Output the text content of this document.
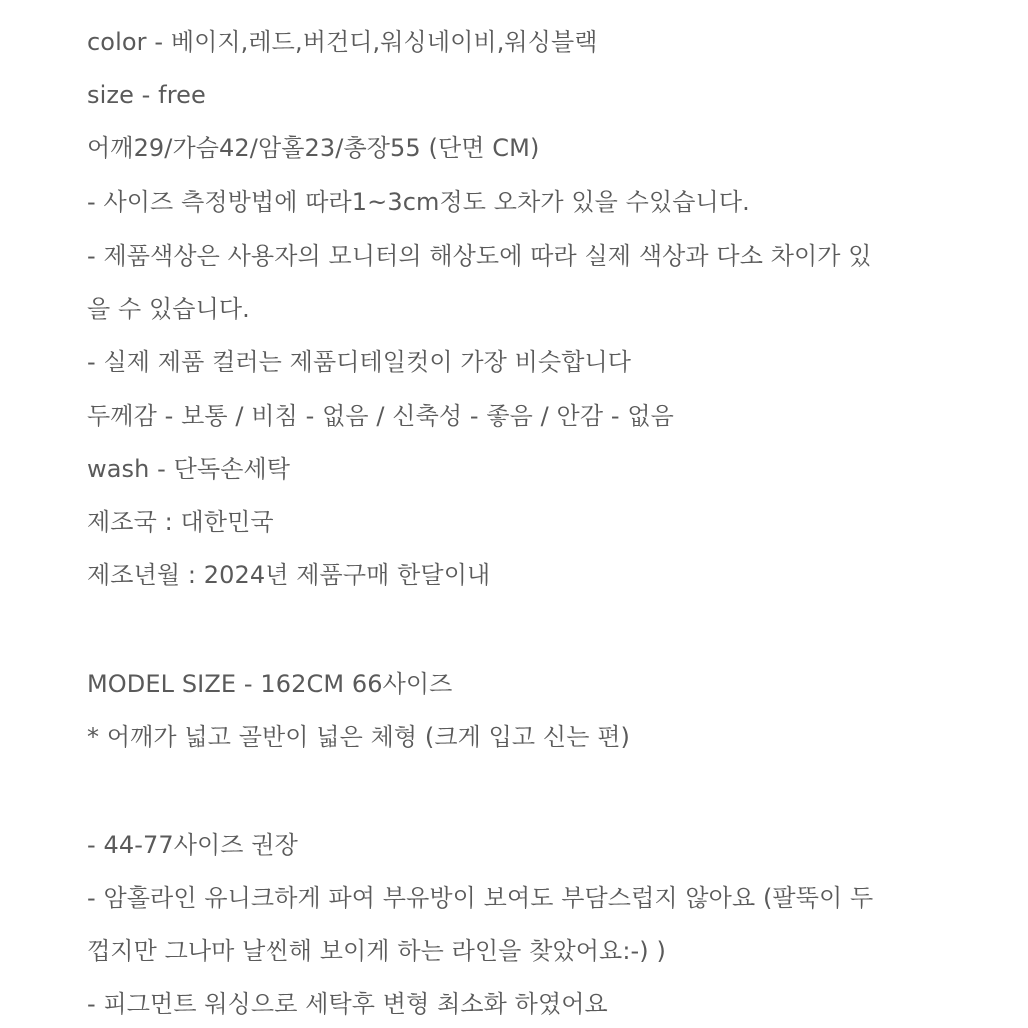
color - 베이지,레드,버건디,워싱네이비,워싱블랙
size - free
어깨29/가슴42/암홀23/총장55 (단면 CM)
- 사이즈 측정방법에 따라1~3cm정도 오차가 있을 수있습니다.
- 제품색상은 사용자의 모니터의 해상도에 따라 실제 색상과 다소 차이가 있
을 수 있습니다.
- 실제 제품 컬러는 제품디테일컷이 가장 비슷합니다
두께감 - 보통 / 비침 - 없음 / 신축성 - 좋음 / 안감 - 없음
wash - 단독손세탁
제조국 : 대한민국
제조년월 : 2024년 제품구매 한달이내
MODEL SIZE - 162CM 66사이즈
* 어깨가 넓고 골반이 넓은 체형 (크게 입고 신는 편)
- 44-77사이즈 권장
- 암홀라인 유니크하게 파여 부유방이 보여도 부담스럽지 않아요 (팔뚝이 두
껍지만 그나마 날씬해 보이게 하는 라인을 찾았어요:-) )
- 피그먼트 워싱으로 세탁후 변형 최소화 하였어요
